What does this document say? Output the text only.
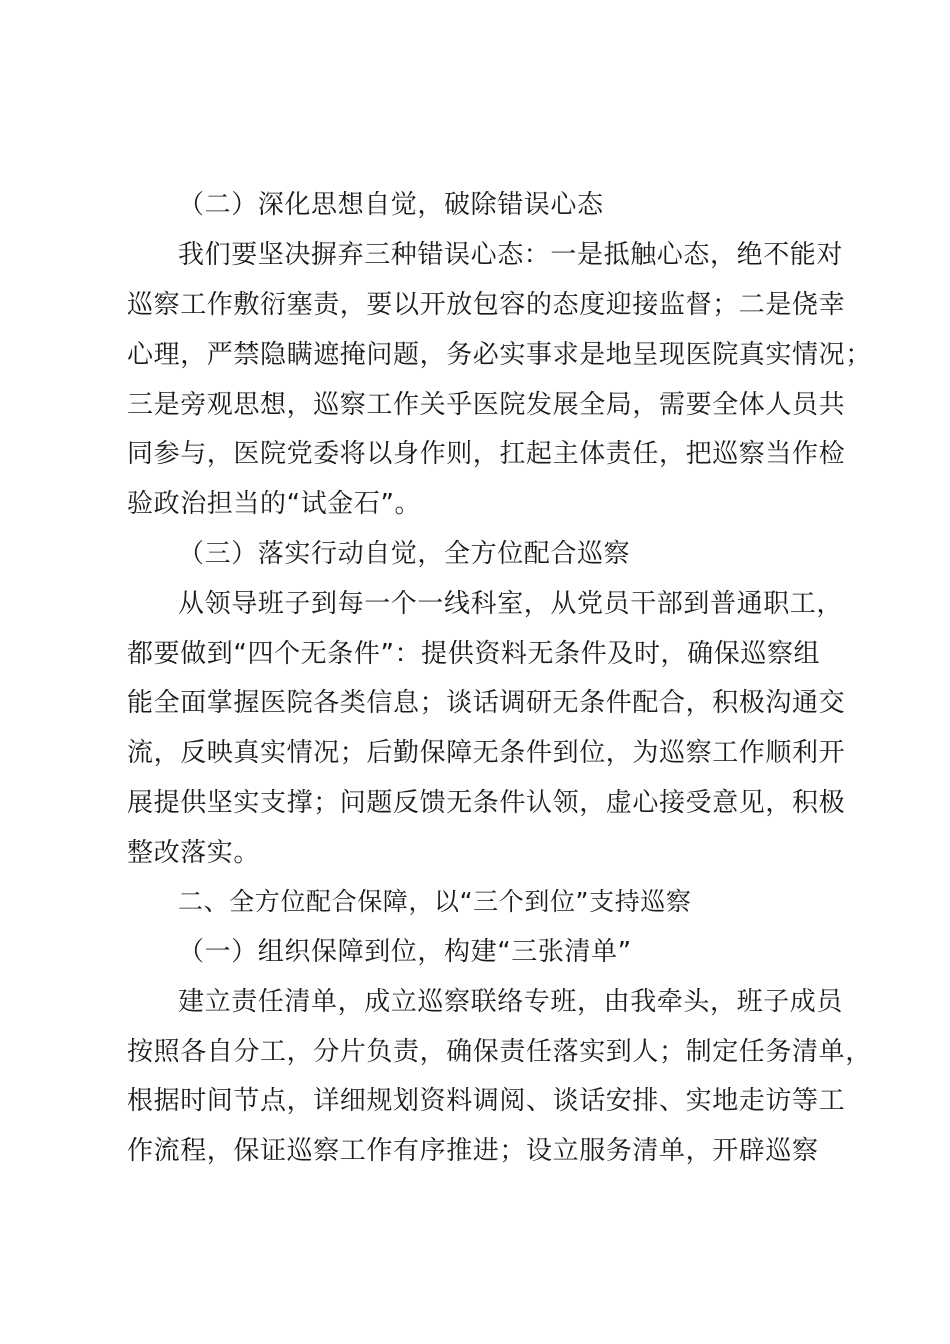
（二）深化思想自觉，破除错误心态
我们要坚决摒弃三种错误心态：一是抵触心态，绝不能对
巡察工作敷衍塞责，要以开放包容的态度迎接监督；二是侥幸
心理，严禁隐瞒遮掩问题，务必实事求是地呈现医院真实情况；
三是旁观思想，巡察工作关乎医院发展全局，需要全体人员共
同参与，医院党委将以身作则，扛起主体责任，把巡察当作检
验政治担当的“试金石”。
（三）落实行动自觉，全方位配合巡察
从领导班子到每一个一线科室，从党员干部到普通职工，
都要做到“四个无条件”：提供资料无条件及时，确保巡察组
能全面掌握医院各类信息；谈话调研无条件配合，积极沟通交
流，反映真实情况；后勤保障无条件到位，为巡察工作顺利开
展提供坚实支撑；问题反馈无条件认领，虚心接受意见，积极
整改落实。
二、全方位配合保障，以“三个到位”支持巡察
（一）组织保障到位，构建“三张清单”
建立责任清单，成立巡察联络专班，由我牵头，班子成员
按照各自分工，分片负责，确保责任落实到人；制定任务清单，
根据时间节点，详细规划资料调阅、谈话安排、实地走访等工
作流程，保证巡察工作有序推进；设立服务清单，开辟巡察
